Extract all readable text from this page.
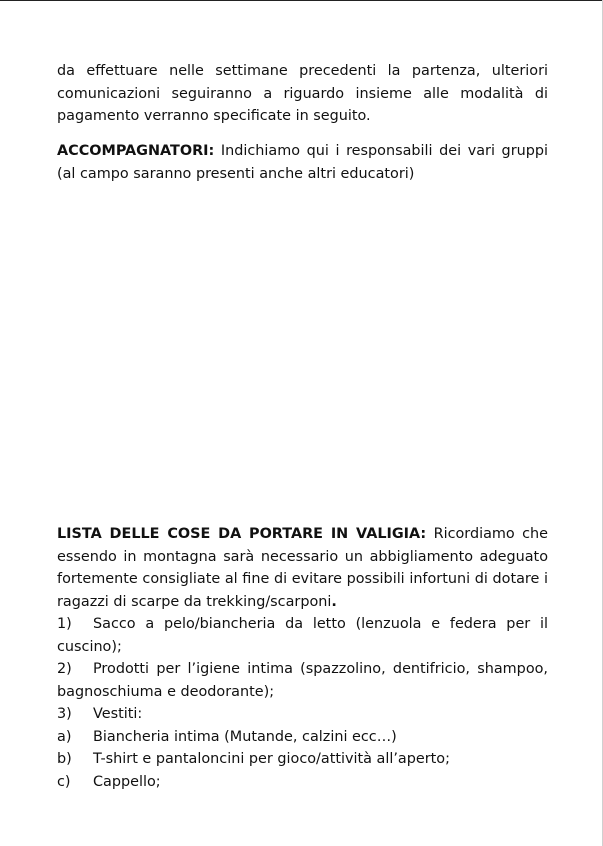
da effettuare nelle settimane precedenti la partenza, ulteriori comunicazioni seguiranno a riguardo insieme alle modalità di pagamento verranno specificate in seguito.

ACCOMPAGNATORI: Indichiamo qui i responsabili dei vari gruppi (al campo saranno presenti anche altri educatori)

LISTA DELLE COSE DA PORTARE IN VALIGIA: Ricordiamo che essendo in montagna sarà necessario un abbigliamento adeguato fortemente consigliate al fine di evitare possibili infortuni di dotare i ragazzi di scarpe da trekking/scarponi.

1) Sacco a pelo/biancheria da letto (lenzuola e federa per il cuscino);
2) Prodotti per l’igiene intima (spazzolino, dentifricio, shampoo, bagnoschiuma e deodorante);
3) Vestiti:
a) Biancheria intima (Mutande, calzini ecc…)
b) T-shirt e pantaloncini per gioco/attività all’aperto;
c) Cappello;
